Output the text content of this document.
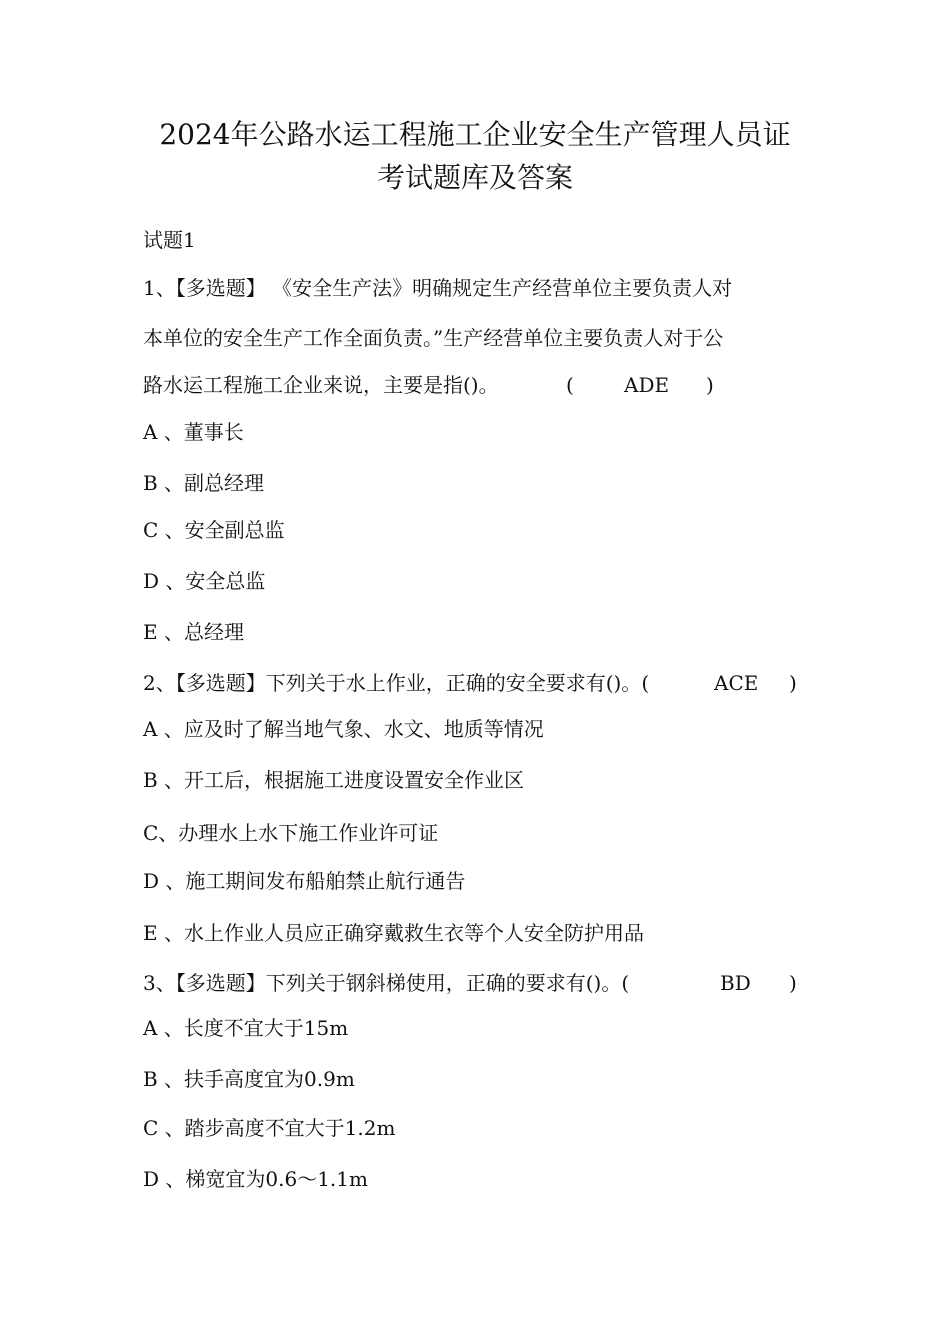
2024年公路水运工程施工企业安全生产管理人员证
考试题库及答案
试题1
1、【多选题】 《安全生产法》明确规定生产经营单位主要负责人对
本单位的安全生产工作全面负责。”生产经营单位主要负责人对于公
路水运工程施工企业来说，主要是指()。	(	ADE )
A 、董事长
B 、副总经理
C 、安全副总监
D 、安全总监
E 、总经理
2、【多选题】下列关于水上作业，正确的安全要求有()。(	ACE )
A 、应及时了解当地气象、水文、地质等情况
B 、开工后，根据施工进度设置安全作业区
C、办理水上水下施工作业许可证
D 、施工期间发布船舶禁止航行通告
E 、水上作业人员应正确穿戴救生衣等个人安全防护用品
3、【多选题】下列关于钢斜梯使用，正确的要求有()。(	BD )
A 、长度不宜大于15m
B 、扶手高度宜为0.9m
C 、踏步高度不宜大于1.2m
D 、梯宽宜为0.6～1.1m
